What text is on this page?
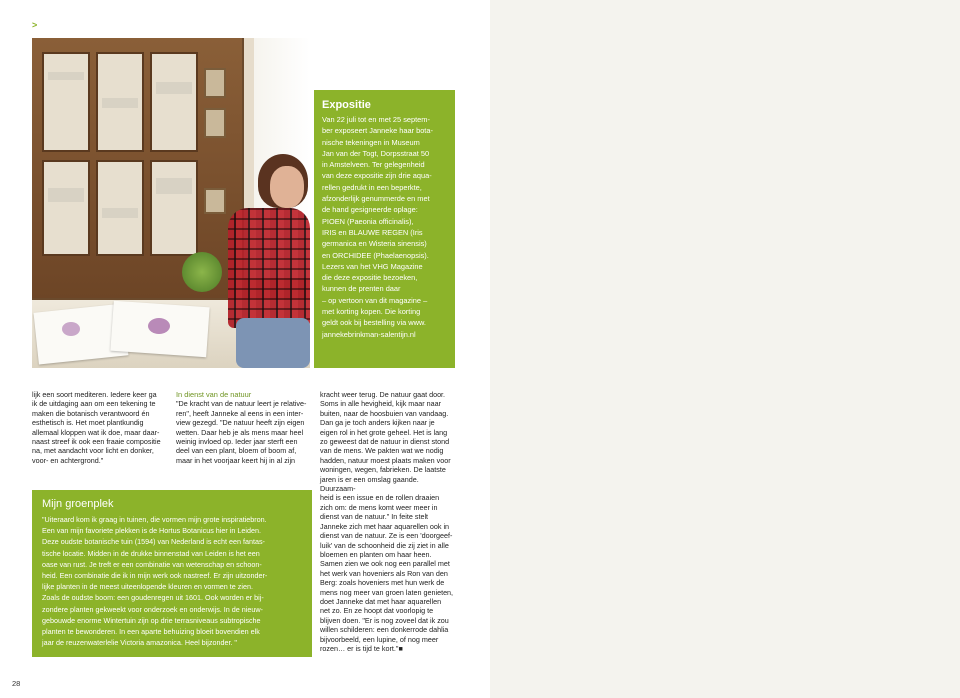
>
Expositie
Van 22 juli tot en met 25 septem-
ber exposeert Janneke haar bota-
nische tekeningen in Museum
Jan van der Togt, Dorpsstraat 50
in Amstelveen. Ter gelegenheid
van deze expositie zijn drie aqua-
rellen gedrukt in een beperkte,
afzonderlijk genummerde en met
de hand gesigneerde oplage:
PIOEN (Paeonia officinalis),
IRIS en BLAUWE REGEN (Iris
germanica en Wisteria sinensis)
en ORCHIDEE (Phaelaenopsis).
Lezers van het VHG Magazine
die deze expositie bezoeken,
kunnen de prenten daar
– op vertoon van dit magazine –
met korting kopen. Die korting
geldt ook bij bestelling via www.
jannekebrinkman-salentijn.nl
lijk een soort mediteren. Iedere keer ga
ik de uitdaging aan om een tekening te
maken die botanisch verantwoord én
esthetisch is. Het moet plantkundig
allemaal kloppen wat ik doe, maar daar-
naast streef ik ook een fraaie compositie
na, met aandacht voor licht en donker,
voor- en achtergrond."
In dienst van de natuur
"De kracht van de natuur leert je relative-
ren", heeft Janneke al eens in een inter-
view gezegd. "De natuur heeft zijn eigen
wetten. Daar heb je als mens maar heel
weinig invloed op. Ieder jaar sterft een
deel van een plant, bloem of boom af,
maar in het voorjaar keert hij in al zijn
kracht weer terug. De natuur gaat door.
Soms in alle hevigheid, kijk maar naar
buiten, naar de hoosbuien van vandaag.
Dan ga je toch anders kijken naar je
eigen rol in het grote geheel. Het is lang
zo geweest dat de natuur in dienst stond
van de mens. We pakten wat we nodig
hadden, natuur moest plaats maken voor
woningen, wegen, fabrieken. De laatste
jaren is er een omslag gaande. Duurzaam-
heid is een issue en de rollen draaien
zich om: de mens komt weer meer in
dienst van de natuur." In feite stelt
Janneke zich met haar aquarellen ook in
dienst van de natuur. Ze is een 'doorgeef-
luik' van de schoonheid die zij ziet in alle
bloemen en planten om haar heen.
Samen zien we ook nog een parallel met
het werk van hoveniers als Ron van den
Berg: zoals hoveniers met hun werk de
mens nog meer van groen laten genieten,
doet Janneke dat met haar aquarellen
net zo. En ze hoopt dat voorlopig te
blijven doen. "Er is nog zoveel dat ik zou
willen schilderen: een donkerrode dahlia
bijvoorbeeld, een lupine, of nog meer
rozen… er is tijd te kort."■
Mijn groenplek
"Uiteraard kom ik graag in tuinen, die vormen mijn grote inspiratiebron.
Een van mijn favoriete plekken is de Hortus Botanicus hier in Leiden.
Deze oudste botanische tuin (1594) van Nederland is echt een fantas-
tische locatie. Midden in de drukke binnenstad van Leiden is het een
oase van rust. Je treft er een combinatie van wetenschap en schoon-
heid. Een combinatie die ik in mijn werk ook nastreef. Er zijn uitzonder-
lijke planten in de meest uiteenlopende kleuren en vormen te zien.
Zoals de oudste boom: een goudenregen uit 1601. Ook worden er bij-
zondere planten gekweekt voor onderzoek en onderwijs. In de nieuw-
gebouwde enorme Wintertuin zijn op drie terrasniveaus subtropische
planten te bewonderen. In een aparte behuizing bloeit bovendien elk
jaar de reuzenwaterlelie Victoria amazonica. Heel bijzonder. "
28
